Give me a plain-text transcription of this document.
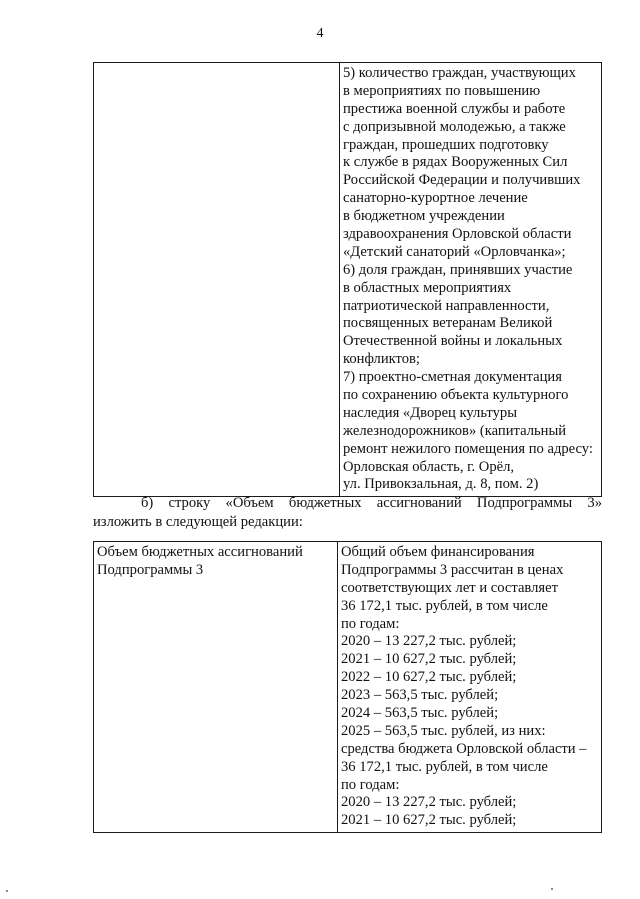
4

5) количество граждан, участвующих
в мероприятиях по повышению
престижа военной службы и работе
с допризывной молодежью, а также
граждан, прошедших подготовку
к службе в рядах Вооруженных Сил
Российской Федерации и получивших
санаторно-курортное лечение
в бюджетном учреждении
здравоохранения Орловской области
«Детский санаторий «Орловчанка»;
6) доля граждан, принявших участие
в областных мероприятиях
патриотической направленности,
посвященных ветеранам Великой
Отечественной войны и локальных
конфликтов;
7) проектно-сметная документация
по сохранению объекта культурного
наследия «Дворец культуры
железнодорожников» (капитальный
ремонт нежилого помещения по адресу:
Орловская область, г. Орёл,
ул. Привокзальная, д. 8, пом. 2)
б) строку «Объем бюджетных ассигнований Подпрограммы 3»
изложить в следующей редакции:
Объем бюджетных ассигнований
Подпрограммы 3

Общий объем финансирования
Подпрограммы 3 рассчитан в ценах
соответствующих лет и составляет
36 172,1 тыс. рублей, в том числе
по годам:
2020 – 13 227,2 тыс. рублей;
2021 – 10 627,2 тыс. рублей;
2022 – 10 627,2 тыс. рублей;
2023 – 563,5 тыс. рублей;
2024 – 563,5 тыс. рублей;
2025 – 563,5 тыс. рублей, из них:
средства бюджета Орловской области –
36 172,1 тыс. рублей, в том числе
по годам:
2020 – 13 227,2 тыс. рублей;
2021 – 10 627,2 тыс. рублей;
